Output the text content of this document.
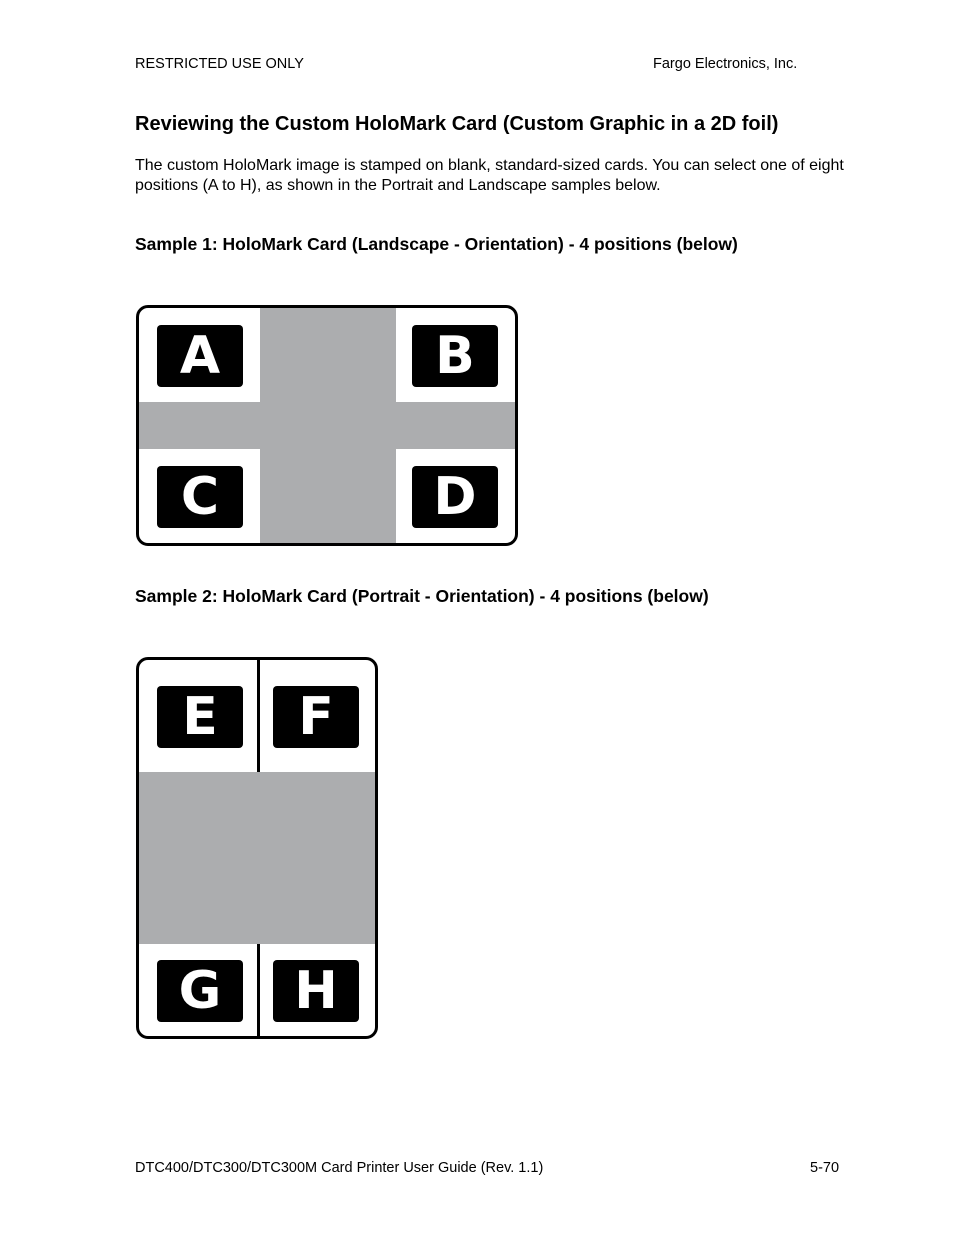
RESTRICTED USE ONLY	Fargo Electronics, Inc.
Reviewing the Custom HoloMark Card (Custom Graphic in a 2D foil)
The custom HoloMark image is stamped on blank, standard-sized cards. You can select one of eight positions (A to H), as shown in the Portrait and Landscape samples below.
Sample 1: HoloMark Card (Landscape - Orientation) - 4 positions (below)
A	B
C	D
Sample 2: HoloMark Card (Portrait - Orientation) - 4 positions (below)
E	F
G	H
DTC400/DTC300/DTC300M Card Printer User Guide (Rev. 1.1)	5-70
